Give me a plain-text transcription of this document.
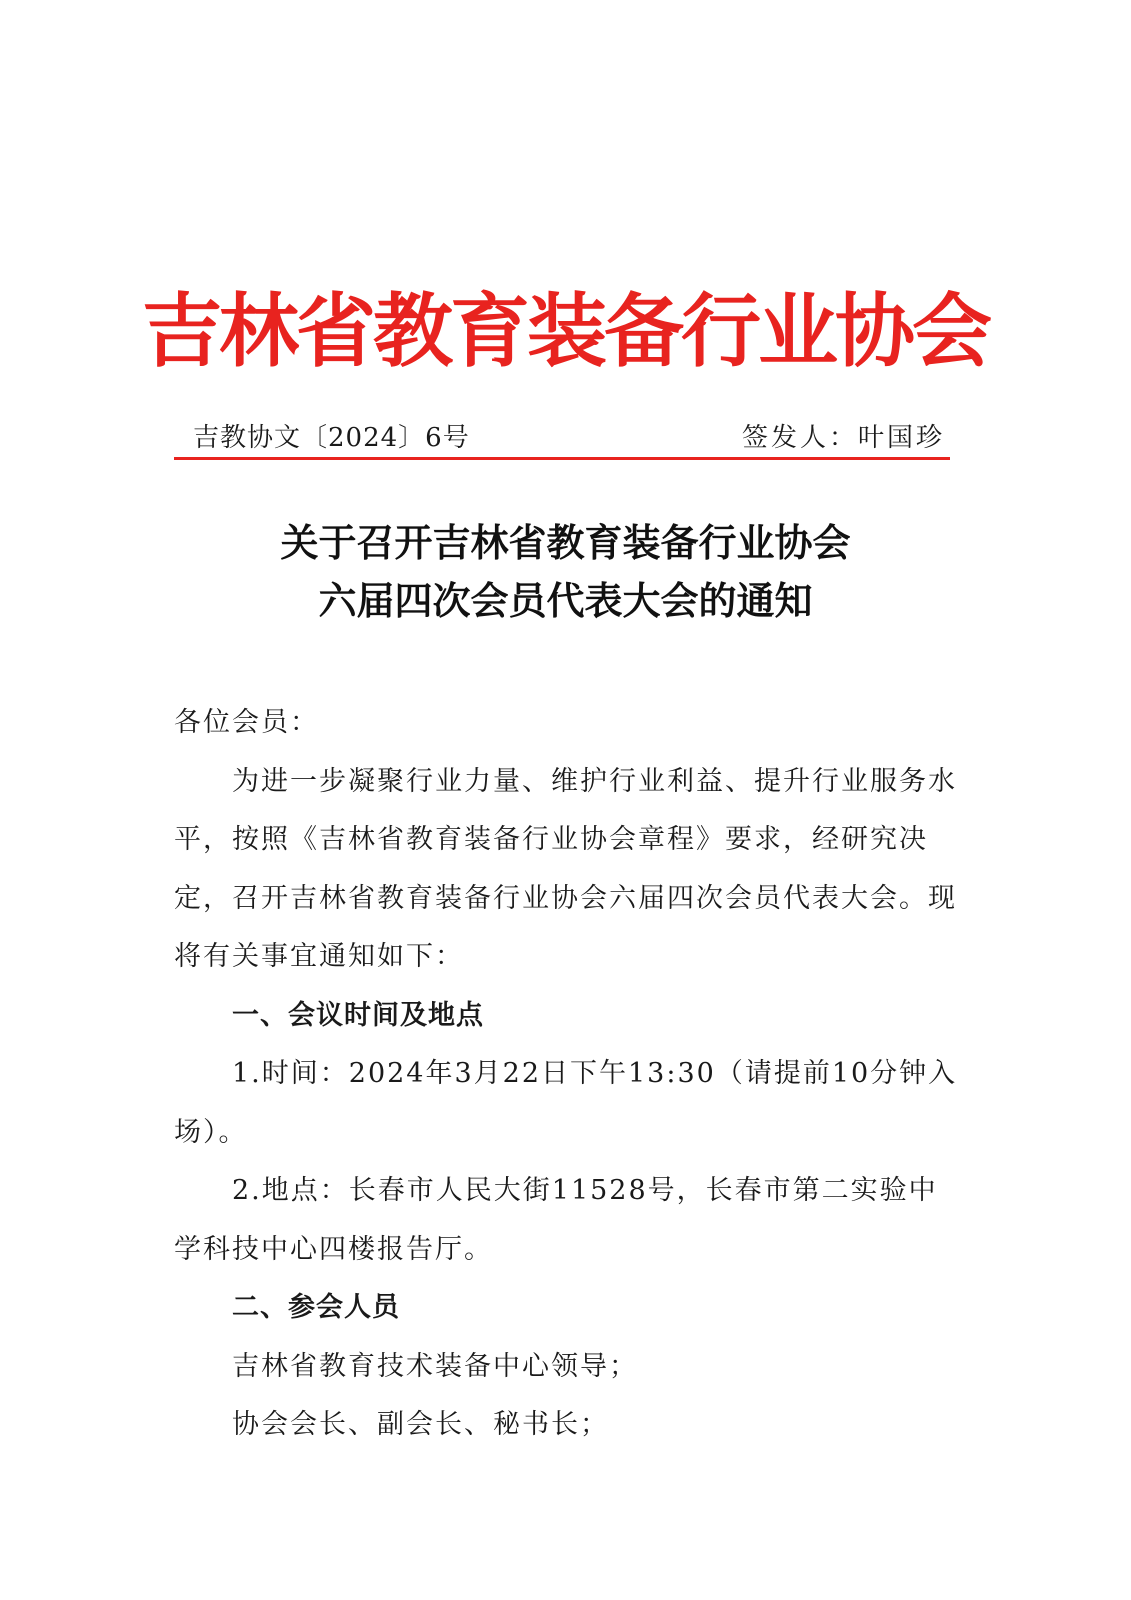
吉林省教育装备行业协会
吉教协文〔2024〕6号	签发人：叶国珍
关于召开吉林省教育装备行业协会
六届四次会员代表大会的通知

各位会员：

为进一步凝聚行业力量、维护行业利益、提升行业服务水平，按照《吉林省教育装备行业协会章程》要求，经研究决定，召开吉林省教育装备行业协会六届四次会员代表大会。现将有关事宜通知如下：

一、会议时间及地点

1.时间：2024年3月22日下午13:30（请提前10分钟入场）。

2.地点：长春市人民大街11528号，长春市第二实验中学科技中心四楼报告厅。

二、参会人员

吉林省教育技术装备中心领导；

协会会长、副会长、秘书长；
